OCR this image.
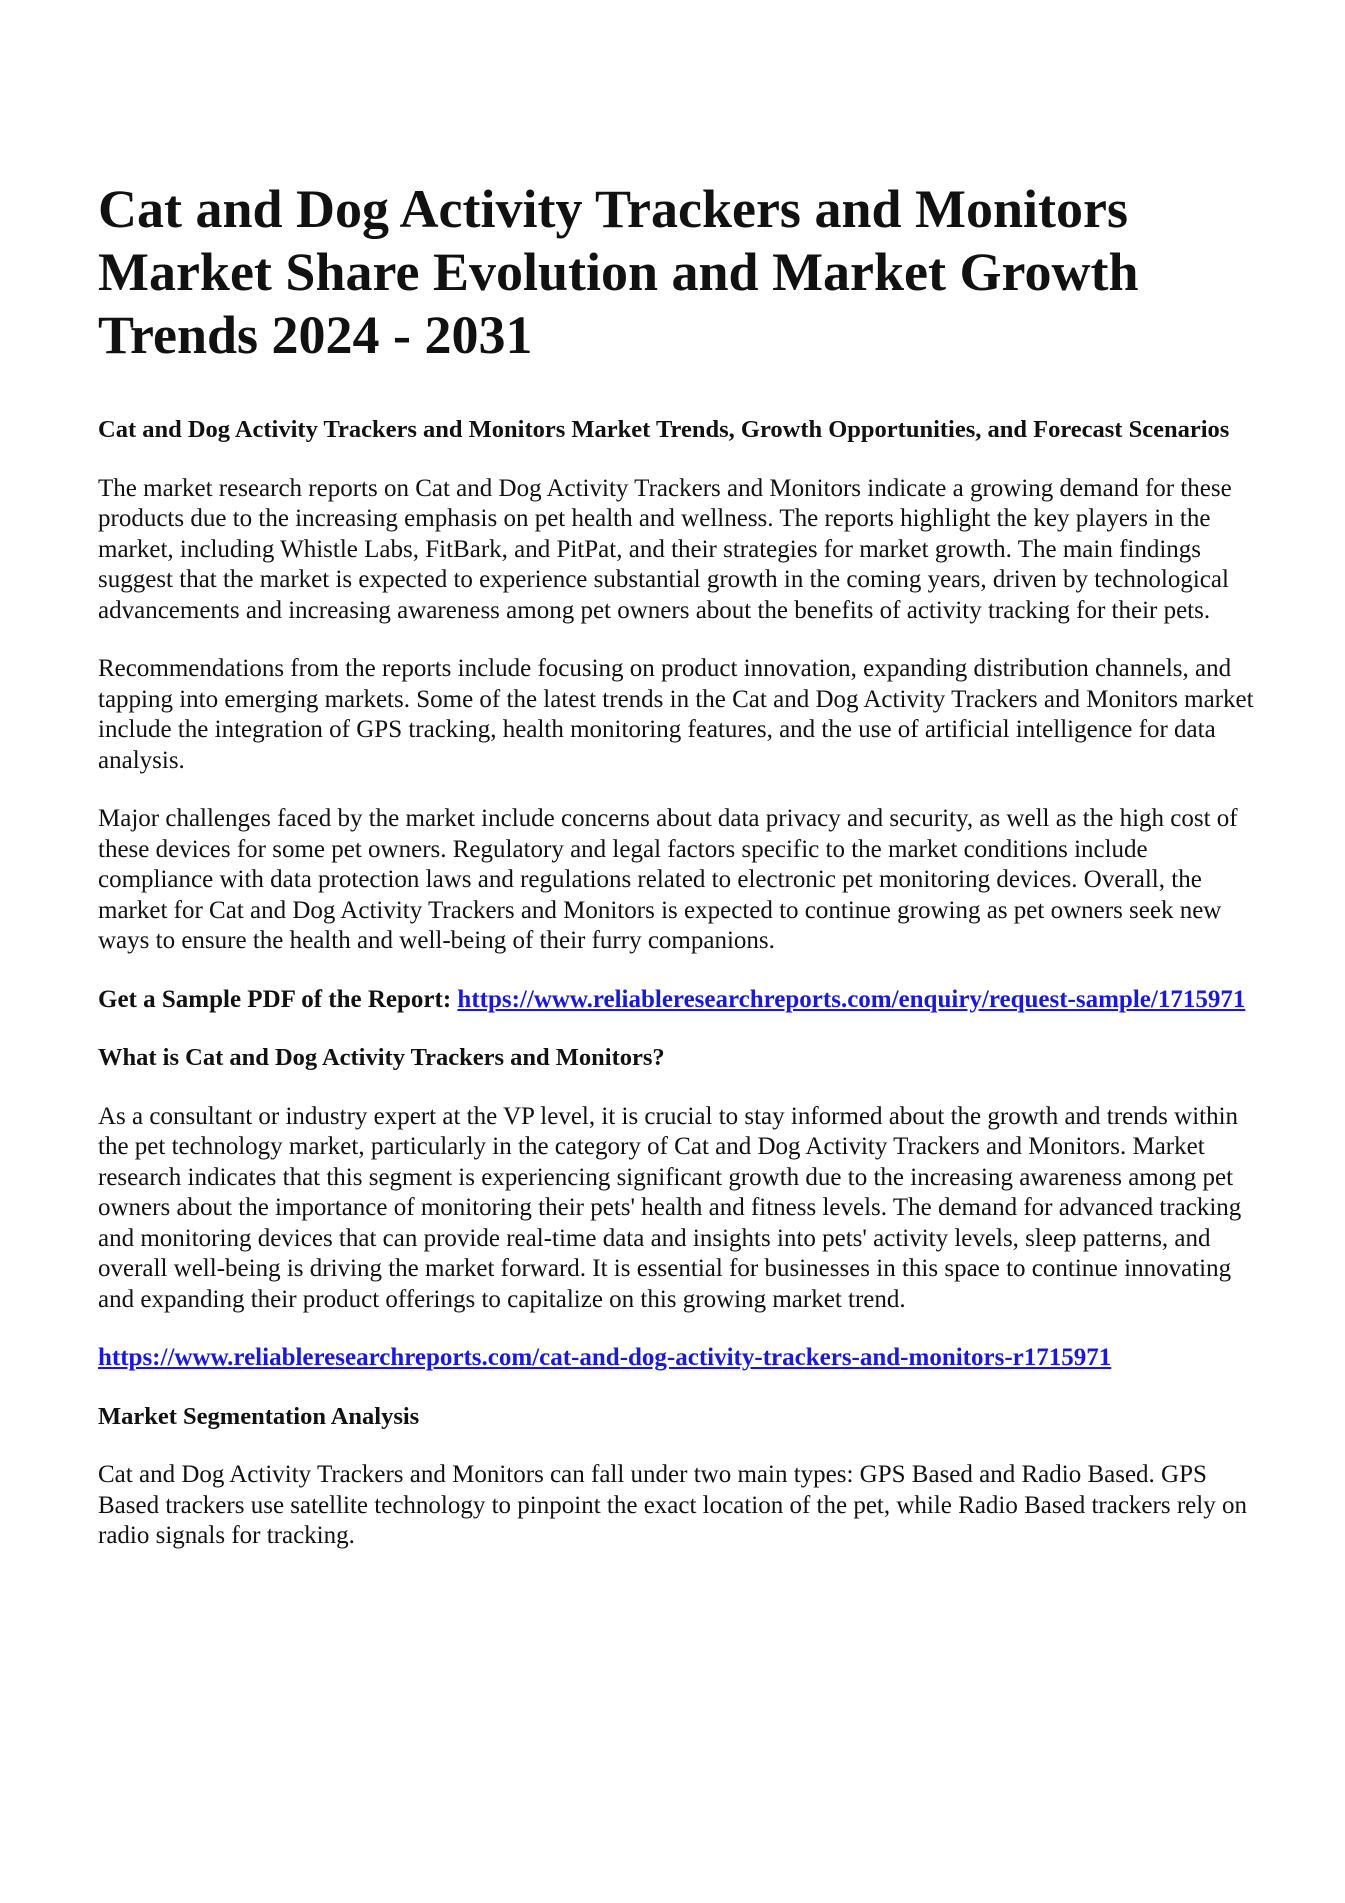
Cat and Dog Activity Trackers and Monitors Market Share Evolution and Market Growth Trends 2024 - 2031
Cat and Dog Activity Trackers and Monitors Market Trends, Growth Opportunities, and Forecast Scenarios

The market research reports on Cat and Dog Activity Trackers and Monitors indicate a growing demand for these products due to the increasing emphasis on pet health and wellness. The reports highlight the key players in the market, including Whistle Labs, FitBark, and PitPat, and their strategies for market growth. The main findings suggest that the market is expected to experience substantial growth in the coming years, driven by technological advancements and increasing awareness among pet owners about the benefits of activity tracking for their pets.

Recommendations from the reports include focusing on product innovation, expanding distribution channels, and tapping into emerging markets. Some of the latest trends in the Cat and Dog Activity Trackers and Monitors market include the integration of GPS tracking, health monitoring features, and the use of artificial intelligence for data analysis.

Major challenges faced by the market include concerns about data privacy and security, as well as the high cost of these devices for some pet owners. Regulatory and legal factors specific to the market conditions include compliance with data protection laws and regulations related to electronic pet monitoring devices. Overall, the market for Cat and Dog Activity Trackers and Monitors is expected to continue growing as pet owners seek new ways to ensure the health and well-being of their furry companions.

Get a Sample PDF of the Report: https://www.reliableresearchreports.com/enquiry/request-sample/1715971

What is Cat and Dog Activity Trackers and Monitors?

As a consultant or industry expert at the VP level, it is crucial to stay informed about the growth and trends within the pet technology market, particularly in the category of Cat and Dog Activity Trackers and Monitors. Market research indicates that this segment is experiencing significant growth due to the increasing awareness among pet owners about the importance of monitoring their pets' health and fitness levels. The demand for advanced tracking and monitoring devices that can provide real-time data and insights into pets' activity levels, sleep patterns, and overall well-being is driving the market forward. It is essential for businesses in this space to continue innovating and expanding their product offerings to capitalize on this growing market trend.

https://www.reliableresearchreports.com/cat-and-dog-activity-trackers-and-monitors-r1715971

Market Segmentation Analysis

Cat and Dog Activity Trackers and Monitors can fall under two main types: GPS Based and Radio Based. GPS Based trackers use satellite technology to pinpoint the exact location of the pet, while Radio Based trackers rely on radio signals for tracking.
